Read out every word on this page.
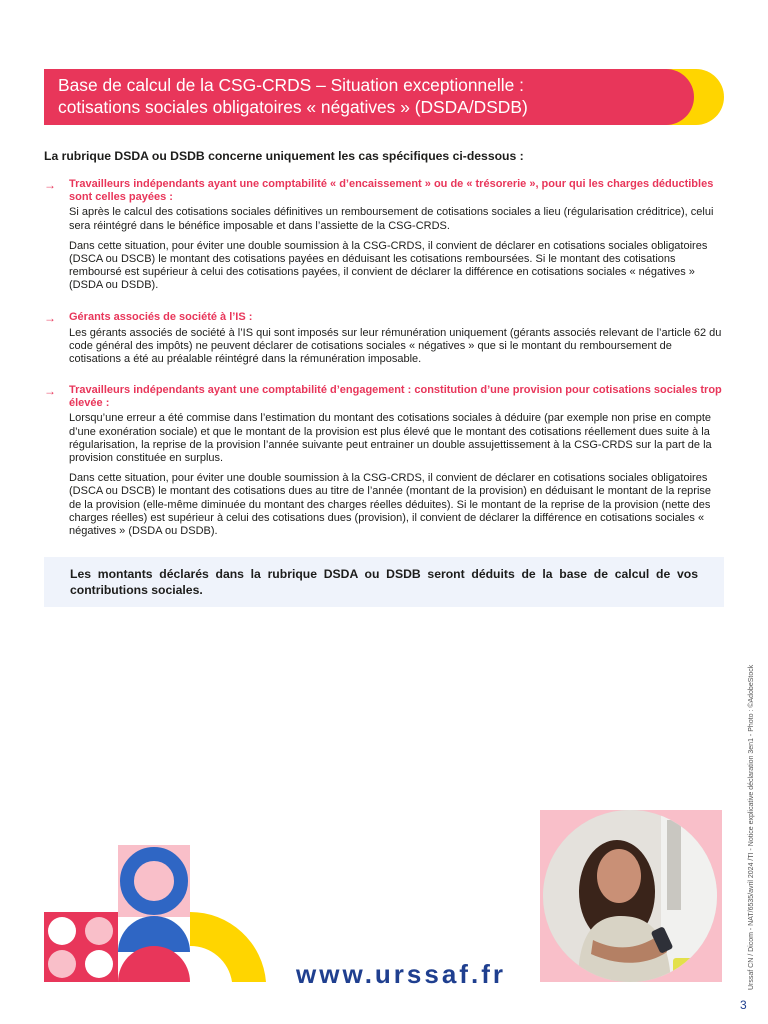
Base de calcul de la CSG-CRDS – Situation exceptionnelle :
cotisations sociales obligatoires « négatives » (DSDA/DSDB)
La rubrique DSDA ou DSDB concerne uniquement les cas spécifiques ci-dessous :
→	Travailleurs indépendants ayant une comptabilité « d’encaissement » ou de « trésorerie », pour qui les charges déductibles sont celles payées :
Si après le calcul des cotisations sociales définitives un remboursement de cotisations sociales a lieu (régularisation créditrice), celui sera réintégré dans le bénéfice imposable et dans l’assiette de la CSG-CRDS.
Dans cette situation, pour éviter une double soumission à la CSG-CRDS, il convient de déclarer en cotisations sociales obligatoires (DSCA ou DSCB) le montant des cotisations payées en déduisant les cotisations remboursées. Si le montant des cotisations remboursé est supérieur à celui des cotisations payées, il convient de déclarer la différence en cotisations sociales « négatives » (DSDA ou DSDB).
→	Gérants associés de société à l’IS :
Les gérants associés de société à l’IS qui sont imposés sur leur rémunération uniquement (gérants associés relevant de l’article 62 du code général des impôts) ne peuvent déclarer de cotisations sociales « négatives » que si le montant du remboursement de cotisations a été au préalable réintégré dans la rémunération imposable.
→	Travailleurs indépendants ayant une comptabilité d’engagement : constitution d’une provision pour cotisations sociales trop élevée :
Lorsqu’une erreur a été commise dans l’estimation du montant des cotisations sociales à déduire (par exemple non prise en compte d’une exonération sociale) et que le montant de la provision est plus élevé que le montant des cotisations réellement dues suite à la régularisation, la reprise de la provision l’année suivante peut entrainer un double assujettissement à la CSG-CRDS sur la part de la provision constituée en surplus.
Dans cette situation, pour éviter une double soumission à la CSG-CRDS, il convient de déclarer en cotisations sociales obligatoires (DSCA ou DSCB) le montant des cotisations dues au titre de l’année (montant de la provision) en déduisant le montant de la reprise de la provision (elle-même diminuée du montant des charges réelles déduites). Si le montant de la reprise de la provision (nette des charges réelles) est supérieur à celui des cotisations dues (provision), il convient de déclarer la différence en cotisations sociales « négatives » (DSDA ou DSDB).
Les montants déclarés dans la rubrique DSDA ou DSDB seront déduits de la base de calcul de vos contributions sociales.
www.urssaf.fr	Urssaf CN / Dicom - NAT/6535/avril 2024 /TI - Notice explicative déclaration 3en1 - Photo : ©AdobeStock
3
